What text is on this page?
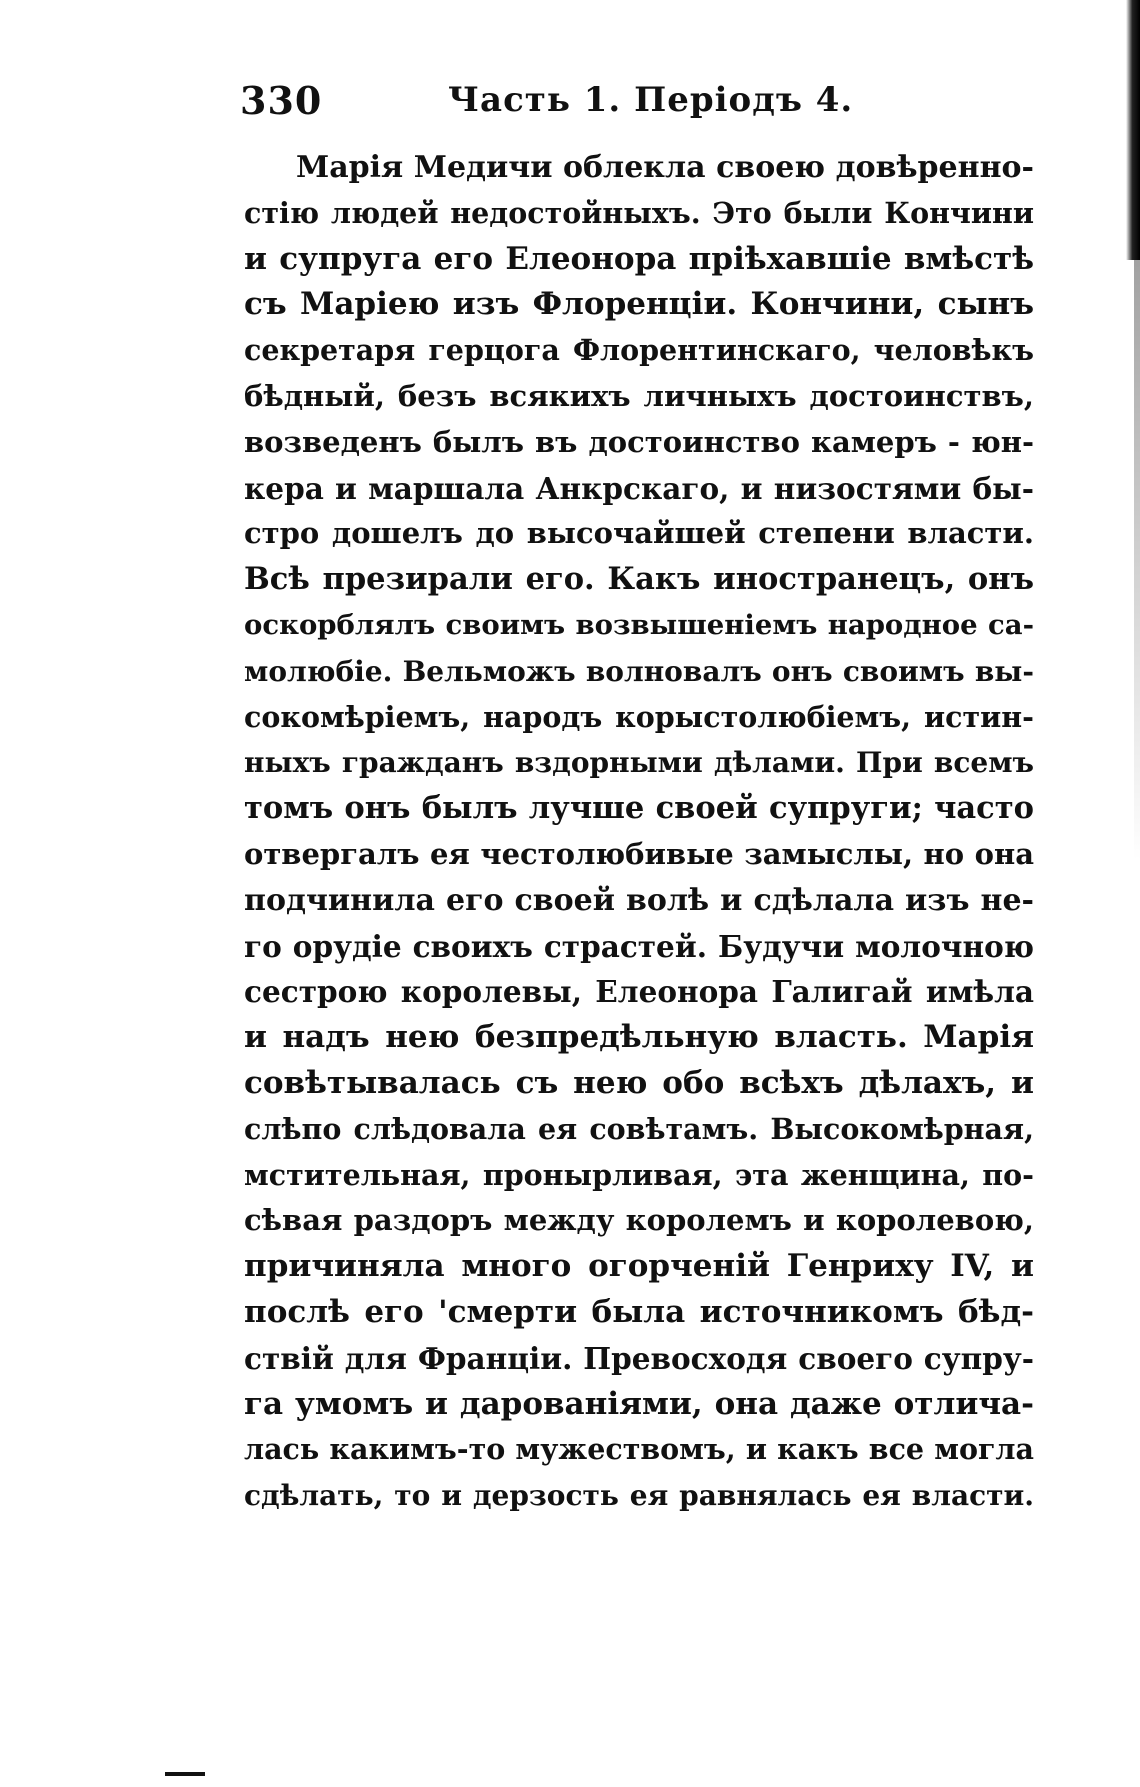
330	Часть 1. Перiодъ 4.
Марiя Медичи облекла своею довѣренно-
стiю людей недостойныхъ. Это были Кончини
и супруга его Елеонора прiѣхавшiе вмѣстѣ
съ Марiею изъ Флоренцiи. Кончини, сынъ
секретаря герцога Флорентинскаго, человѣкъ
бѣдный, безъ всякихъ личныхъ достоинствъ,
возведенъ былъ въ достоинство камеръ - юн-
кера и маршала Анкрскаго, и низостями бы-
стро дошелъ до высочайшей степени власти.
Всѣ презирали его. Какъ иностранецъ, онъ
оскорблялъ своимъ возвышенiемъ народное са-
молюбiе. Вельможъ волновалъ онъ своимъ вы-
сокомѣрiемъ, народъ корыстолюбiемъ, истин-
ныхъ гражданъ вздорными дѣлами. При всемъ
томъ онъ былъ лучше своей супруги; часто
отвергалъ ея честолюбивые замыслы, но она
подчинила его своей волѣ и сдѣлала изъ не-
го орудiе своихъ страстей. Будучи молочною
сестрою королевы, Елеонора Галигай имѣла
и надъ нею безпредѣльную власть. Марiя
совѣтывалась съ нею обо всѣхъ дѣлахъ, и
слѣпо слѣдовала ея совѣтамъ. Высокомѣрная,
мстительная, пронырливая, эта женщина, по-
сѣвая раздоръ между королемъ и королевою,
причиняла много огорченiй Генриху IV, и
послѣ его 'смерти была источникомъ бѣд-
ствiй для Францiи. Превосходя своего супру-
га умомъ и дарованiями, она даже отлича-
лась какимъ-то мужествомъ, и какъ все могла
сдѣлать, то и дерзость ея равнялась ея власти.
